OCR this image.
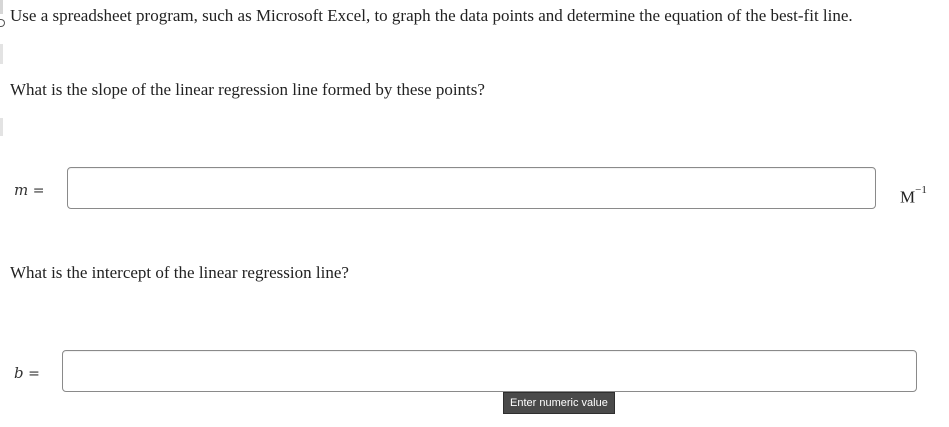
Use a spreadsheet program, such as Microsoft Excel, to graph the data points and determine the equation of the best-fit line.
What is the slope of the linear regression line formed by these points?
m =	$M^{-1}$
What is the intercept of the linear regression line?
b =
Enter numeric value
